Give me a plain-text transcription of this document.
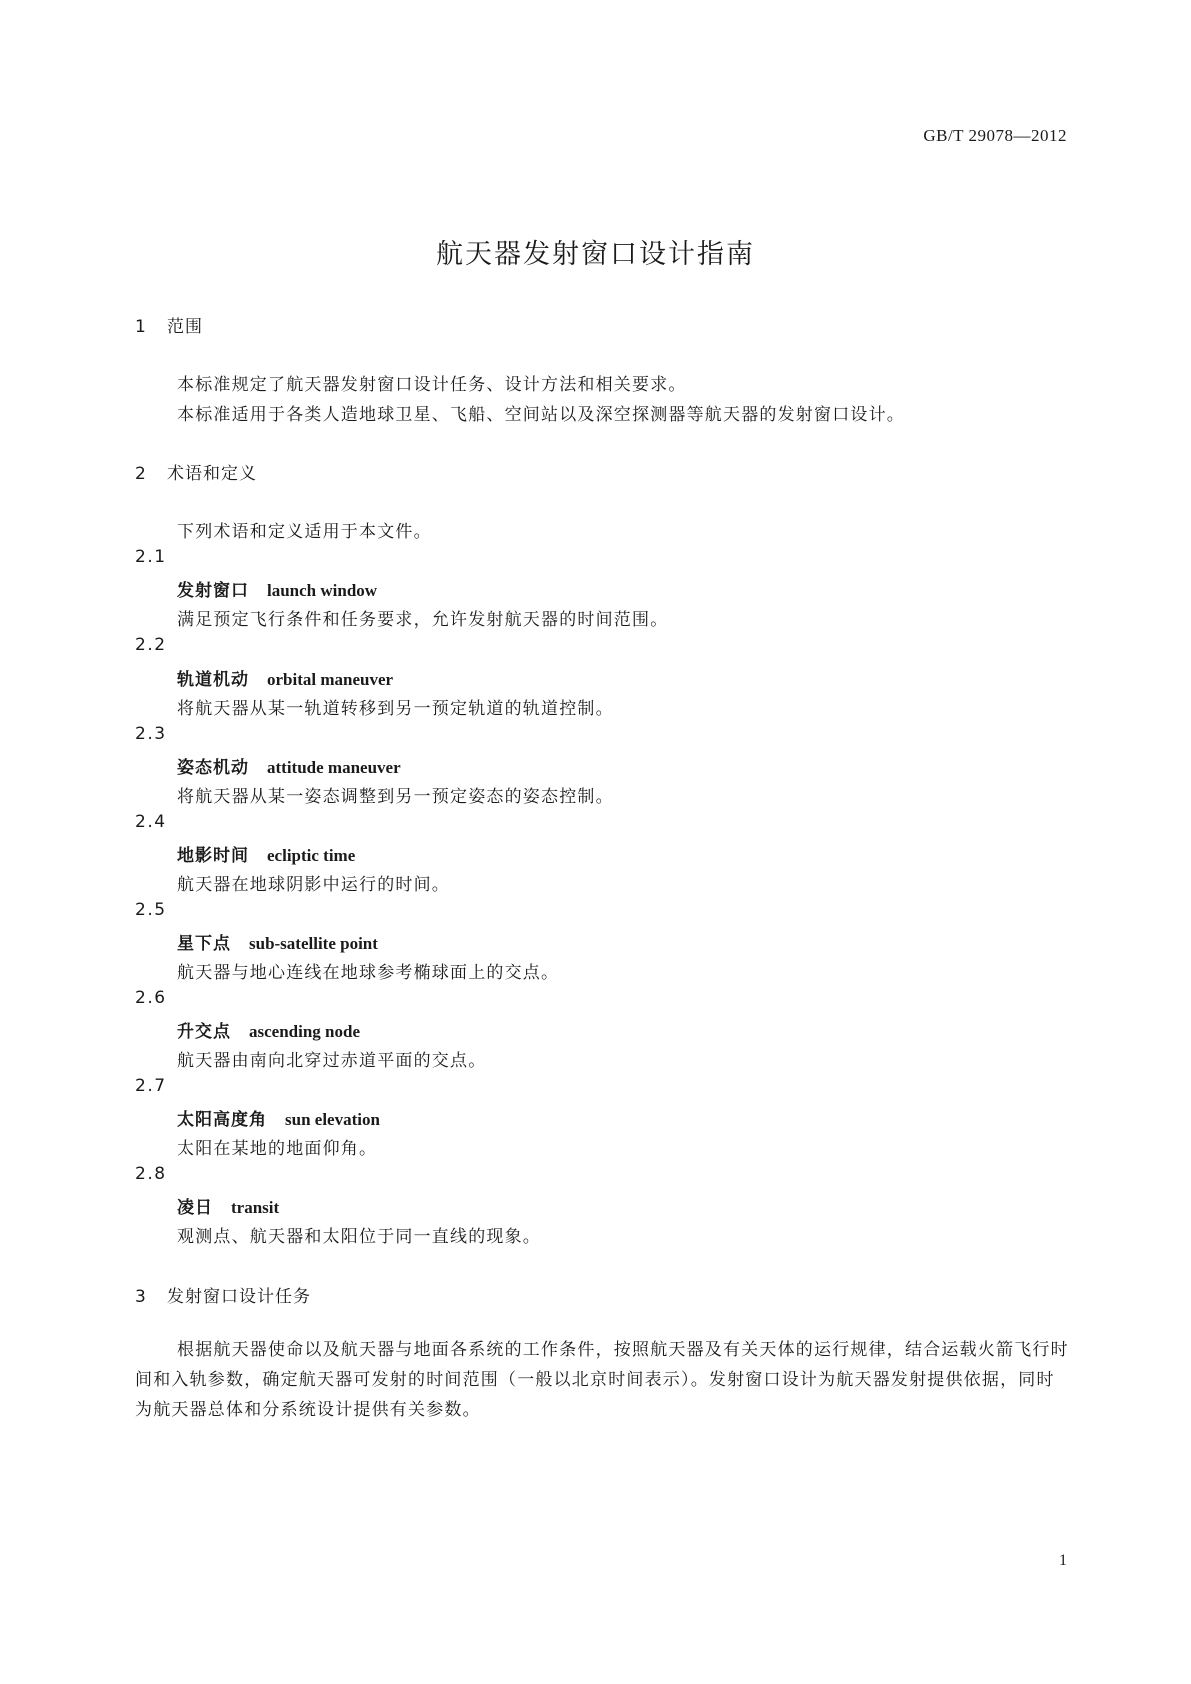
GB/T 29078—2012
航天器发射窗口设计指南
1 范围
本标准规定了航天器发射窗口设计任务、设计方法和相关要求。
本标准适用于各类人造地球卫星、飞船、空间站以及深空探测器等航天器的发射窗口设计。
2 术语和定义
下列术语和定义适用于本文件。
2.1
发射窗口 launch window
满足预定飞行条件和任务要求，允许发射航天器的时间范围。
2.2
轨道机动 orbital maneuver
将航天器从某一轨道转移到另一预定轨道的轨道控制。
2.3
姿态机动 attitude maneuver
将航天器从某一姿态调整到另一预定姿态的姿态控制。
2.4
地影时间 ecliptic time
航天器在地球阴影中运行的时间。
2.5
星下点 sub-satellite point
航天器与地心连线在地球参考椭球面上的交点。
2.6
升交点 ascending node
航天器由南向北穿过赤道平面的交点。
2.7
太阳高度角 sun elevation
太阳在某地的地面仰角。
2.8
凌日 transit
观测点、航天器和太阳位于同一直线的现象。
3 发射窗口设计任务
根据航天器使命以及航天器与地面各系统的工作条件，按照航天器及有关天体的运行规律，结合运载火箭飞行时间和入轨参数，确定航天器可发射的时间范围（一般以北京时间表示）。发射窗口设计为航天器发射提供依据，同时为航天器总体和分系统设计提供有关参数。
1
